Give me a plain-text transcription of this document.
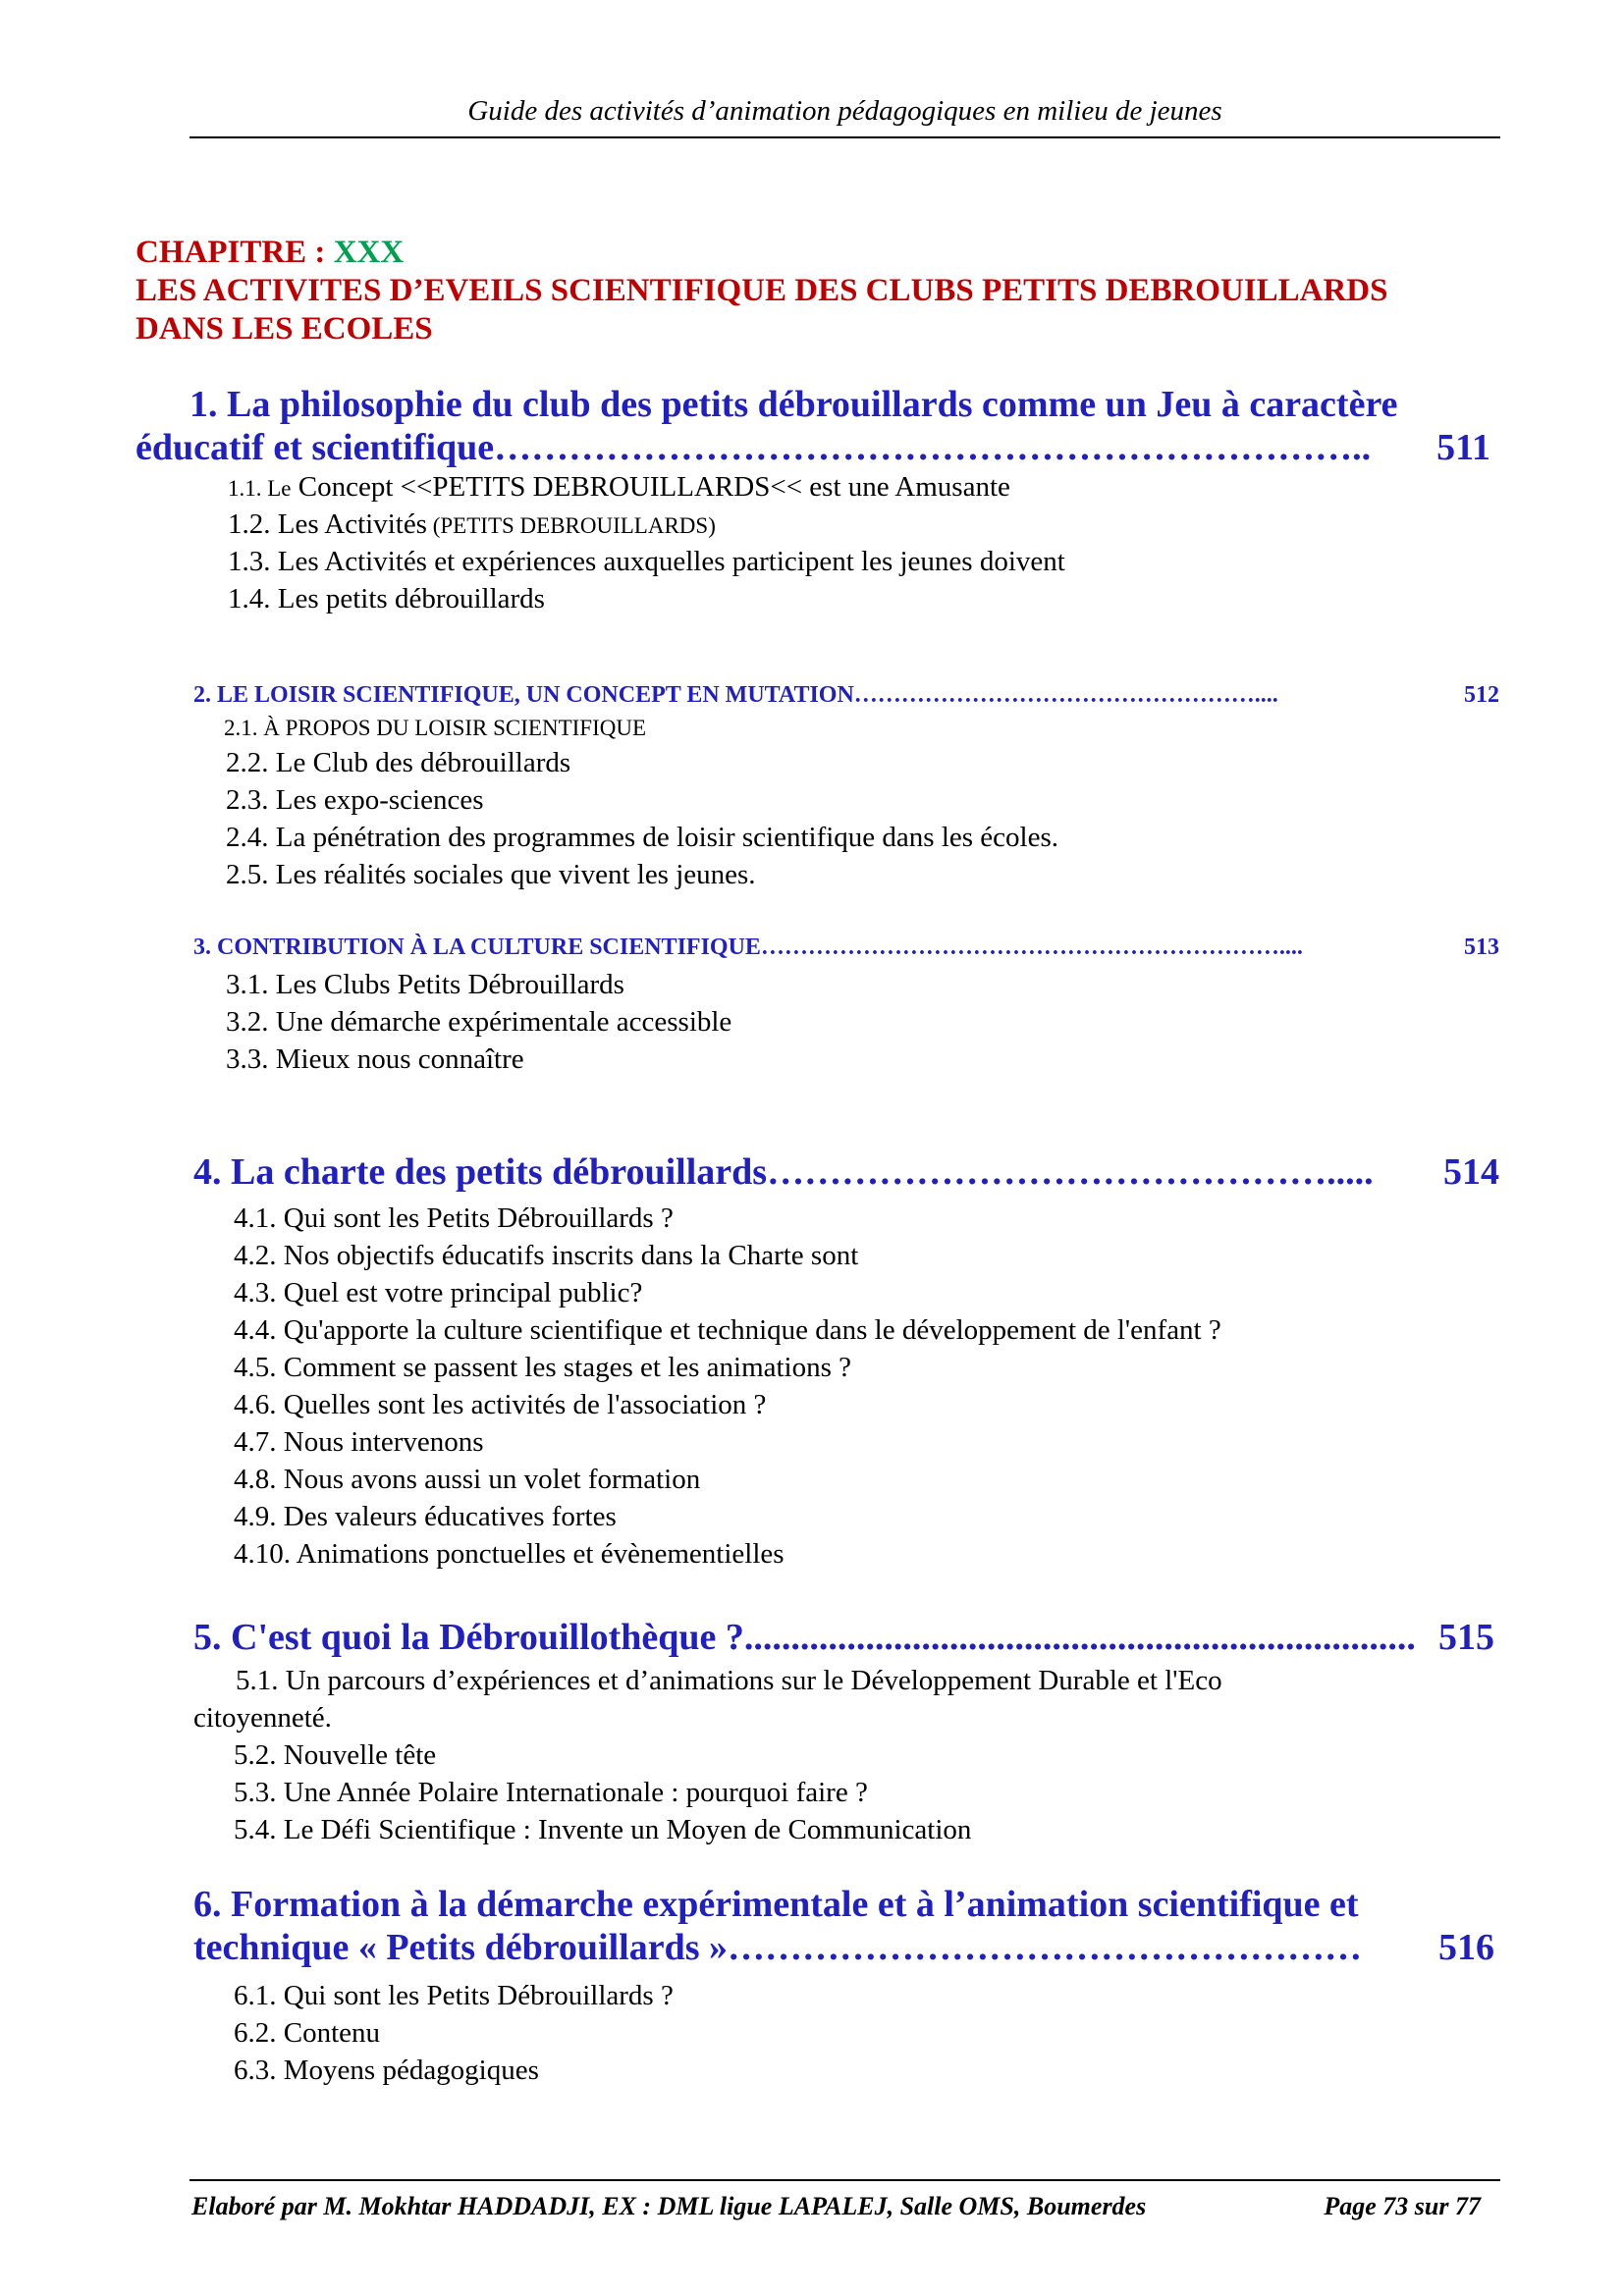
Guide des activités d’animation pédagogiques en milieu de jeunes
CHAPITRE : XXX
LES ACTIVITES D’EVEILS SCIENTIFIQUE DES CLUBS PETITS DEBROUILLARDS
DANS LES ECOLES
1. La philosophie du club des petits débrouillards comme un Jeu à caractère
éducatif et scientifique ……………………………………………………………..	511
1.1. Le Concept <<PETITS DEBROUILLARDS<< est une Amusante
1.2. Les Activités (PETITS DEBROUILLARDS)
1.3. Les Activités et expériences auxquelles participent les jeunes doivent
1.4. Les petits débrouillards
2. LE LOISIR SCIENTIFIQUE, UN CONCEPT EN MUTATION ……………………………………………....	512
2.1. À PROPOS DU LOISIR SCIENTIFIQUE
2.2. Le Club des débrouillards
2.3. Les expo-sciences
2.4. La pénétration des programmes de loisir scientifique dans les écoles.
2.5. Les réalités sociales que vivent les jeunes.
3. CONTRIBUTION À LA CULTURE SCIENTIFIQUE …………………………………………………………....	513
3.1. Les Clubs Petits Débrouillards
3.2. Une démarche expérimentale accessible
3.3. Mieux nous connaître
4. La charte des petits débrouillards ……………………………………….....	514
4.1. Qui sont les Petits Débrouillards ?
4.2. Nos objectifs éducatifs inscrits dans la Charte sont
4.3. Quel est votre principal public?
4.4. Qu'apporte la culture scientifique et technique dans le développement de l'enfant ?
4.5. Comment se passent les stages et les animations ?
4.6. Quelles sont les activités de l'association ?
4.7. Nous intervenons
4.8. Nous avons aussi un volet formation
4.9. Des valeurs éducatives fortes
4.10. Animations ponctuelles et évènementielles
5. C'est quoi la Débrouillothèque ? ........................................................................ 515
5.1. Un parcours d’expériences et d’animations sur le Développement Durable et l'Eco
citoyenneté.
5.2. Nouvelle tête
5.3. Une Année Polaire Internationale : pourquoi faire ?
5.4. Le Défi Scientifique : Invente un Moyen de Communication
6. Formation à la démarche expérimentale et à l’animation scientifique et
technique « Petits débrouillards » ……………………………………………	516
6.1. Qui sont les Petits Débrouillards ?
6.2. Contenu
6.3. Moyens pédagogiques
Elaboré par M. Mokhtar HADDADJI, EX : DML ligue LAPALEJ, Salle OMS, Boumerdes	Page 73 sur 77
